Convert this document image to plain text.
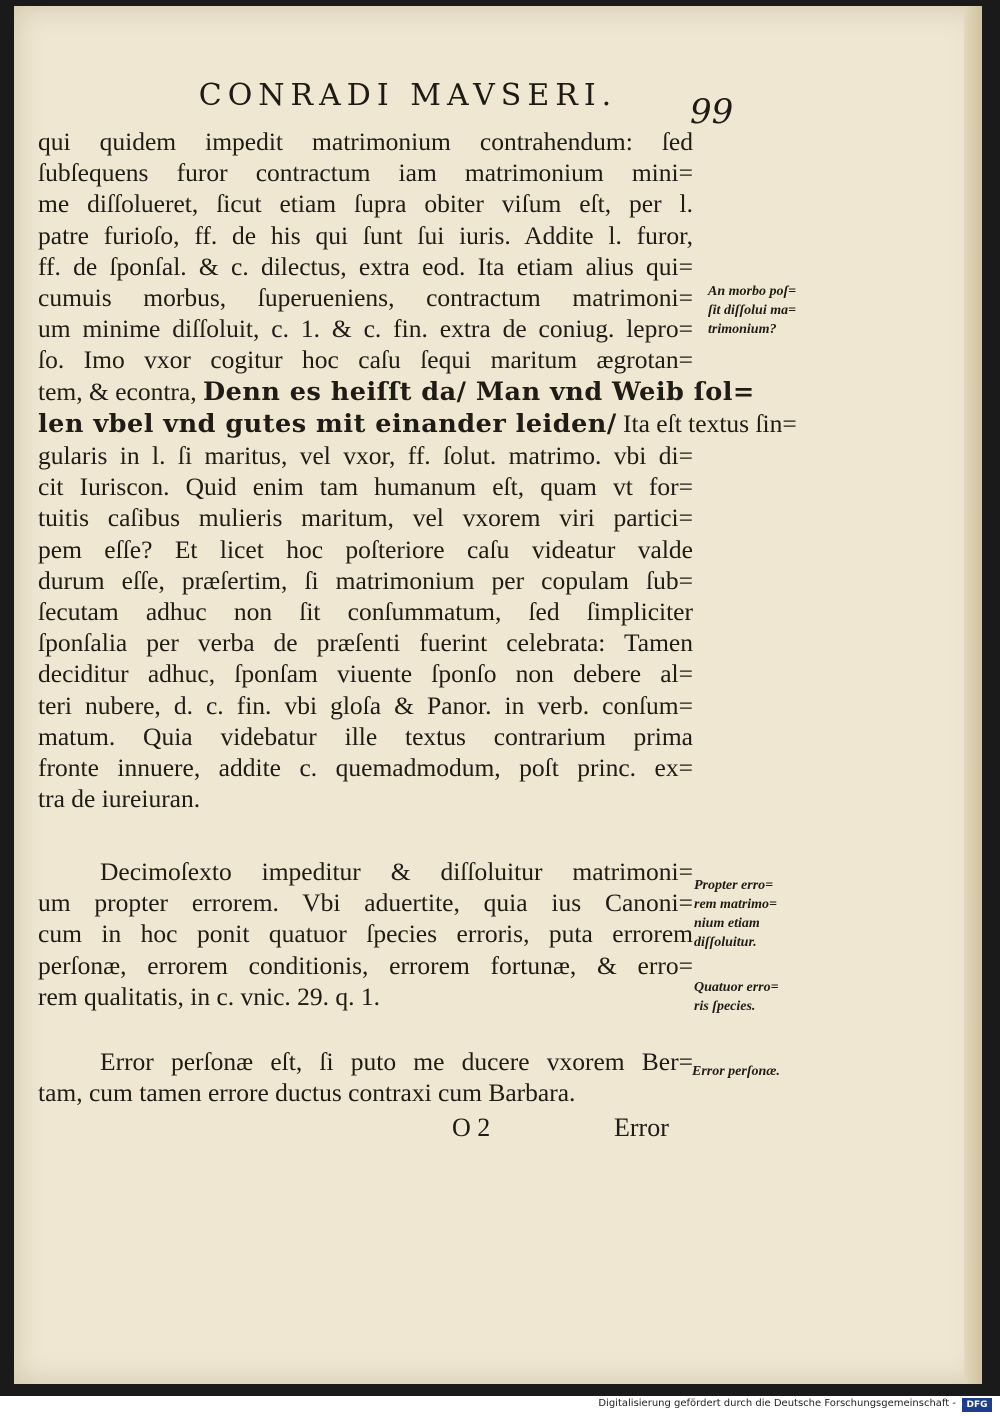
CONRADI MAVSERI.	99
qui quidem impedit matrimonium contrahendum: ſed
ſubſequens furor contractum iam matrimonium mini=
me diſſolueret, ſicut etiam ſupra obiter viſum eſt, per l.
patre furioſo, ff. de his qui ſunt ſui iuris. Addite l. furor,
ff. de ſponſal. & c. dilectus, extra eod. Ita etiam alius qui=
cumuis morbus, ſuperueniens, contractum matrimoni=
um minime diſſoluit, c. 1. & c. fin. extra de coniug. lepro=
ſo. Imo vxor cogitur hoc caſu ſequi maritum ægrotan=
tem, & econtra, Denn es heiſſt da/ Man vnd Weib ſol=
len vbel vnd gutes mit einander leiden/ Ita eſt textus ſin=
gularis in l. ſi maritus, vel vxor, ff. ſolut. matrimo. vbi di=
cit Iuriscon. Quid enim tam humanum eſt, quam vt for=
tuitis caſibus mulieris maritum, vel vxorem viri partici=
pem eſſe? Et licet hoc poſteriore caſu videatur valde
durum eſſe, præſertim, ſi matrimonium per copulam ſub=
ſecutam adhuc non ſit conſummatum, ſed ſimpliciter
ſponſalia per verba de præſenti fuerint celebrata: Tamen
deciditur adhuc, ſponſam viuente ſponſo non debere al=
teri nubere, d. c. fin. vbi gloſa & Panor. in verb. conſum=
matum. Quia videbatur ille textus contrarium prima
fronte innuere, addite c. quemadmodum, poſt princ. ex=
tra de iureiuran.
Decimoſexto impeditur & diſſoluitur matrimoni=
um propter errorem. Vbi aduertite, quia ius Canoni=
cum in hoc ponit quatuor ſpecies erroris, puta errorem
perſonæ, errorem conditionis, errorem fortunæ, & erro=
rem qualitatis, in c. vnic. 29. q. 1.
Error perſonæ eſt, ſi puto me ducere vxorem Ber=
tam, cum tamen errore ductus contraxi cum Barbara.
An morbo poſ=
ſit diſſolui ma=
trimonium?
Propter erro=
rem matrimo=
nium etiam
diſſoluitur.
Quatuor erro=
ris ſpecies.
Error perſonæ.
O 2	Error
Digitalisierung gefördert durch die Deutsche Forschungsgemeinschaft -	DFG
